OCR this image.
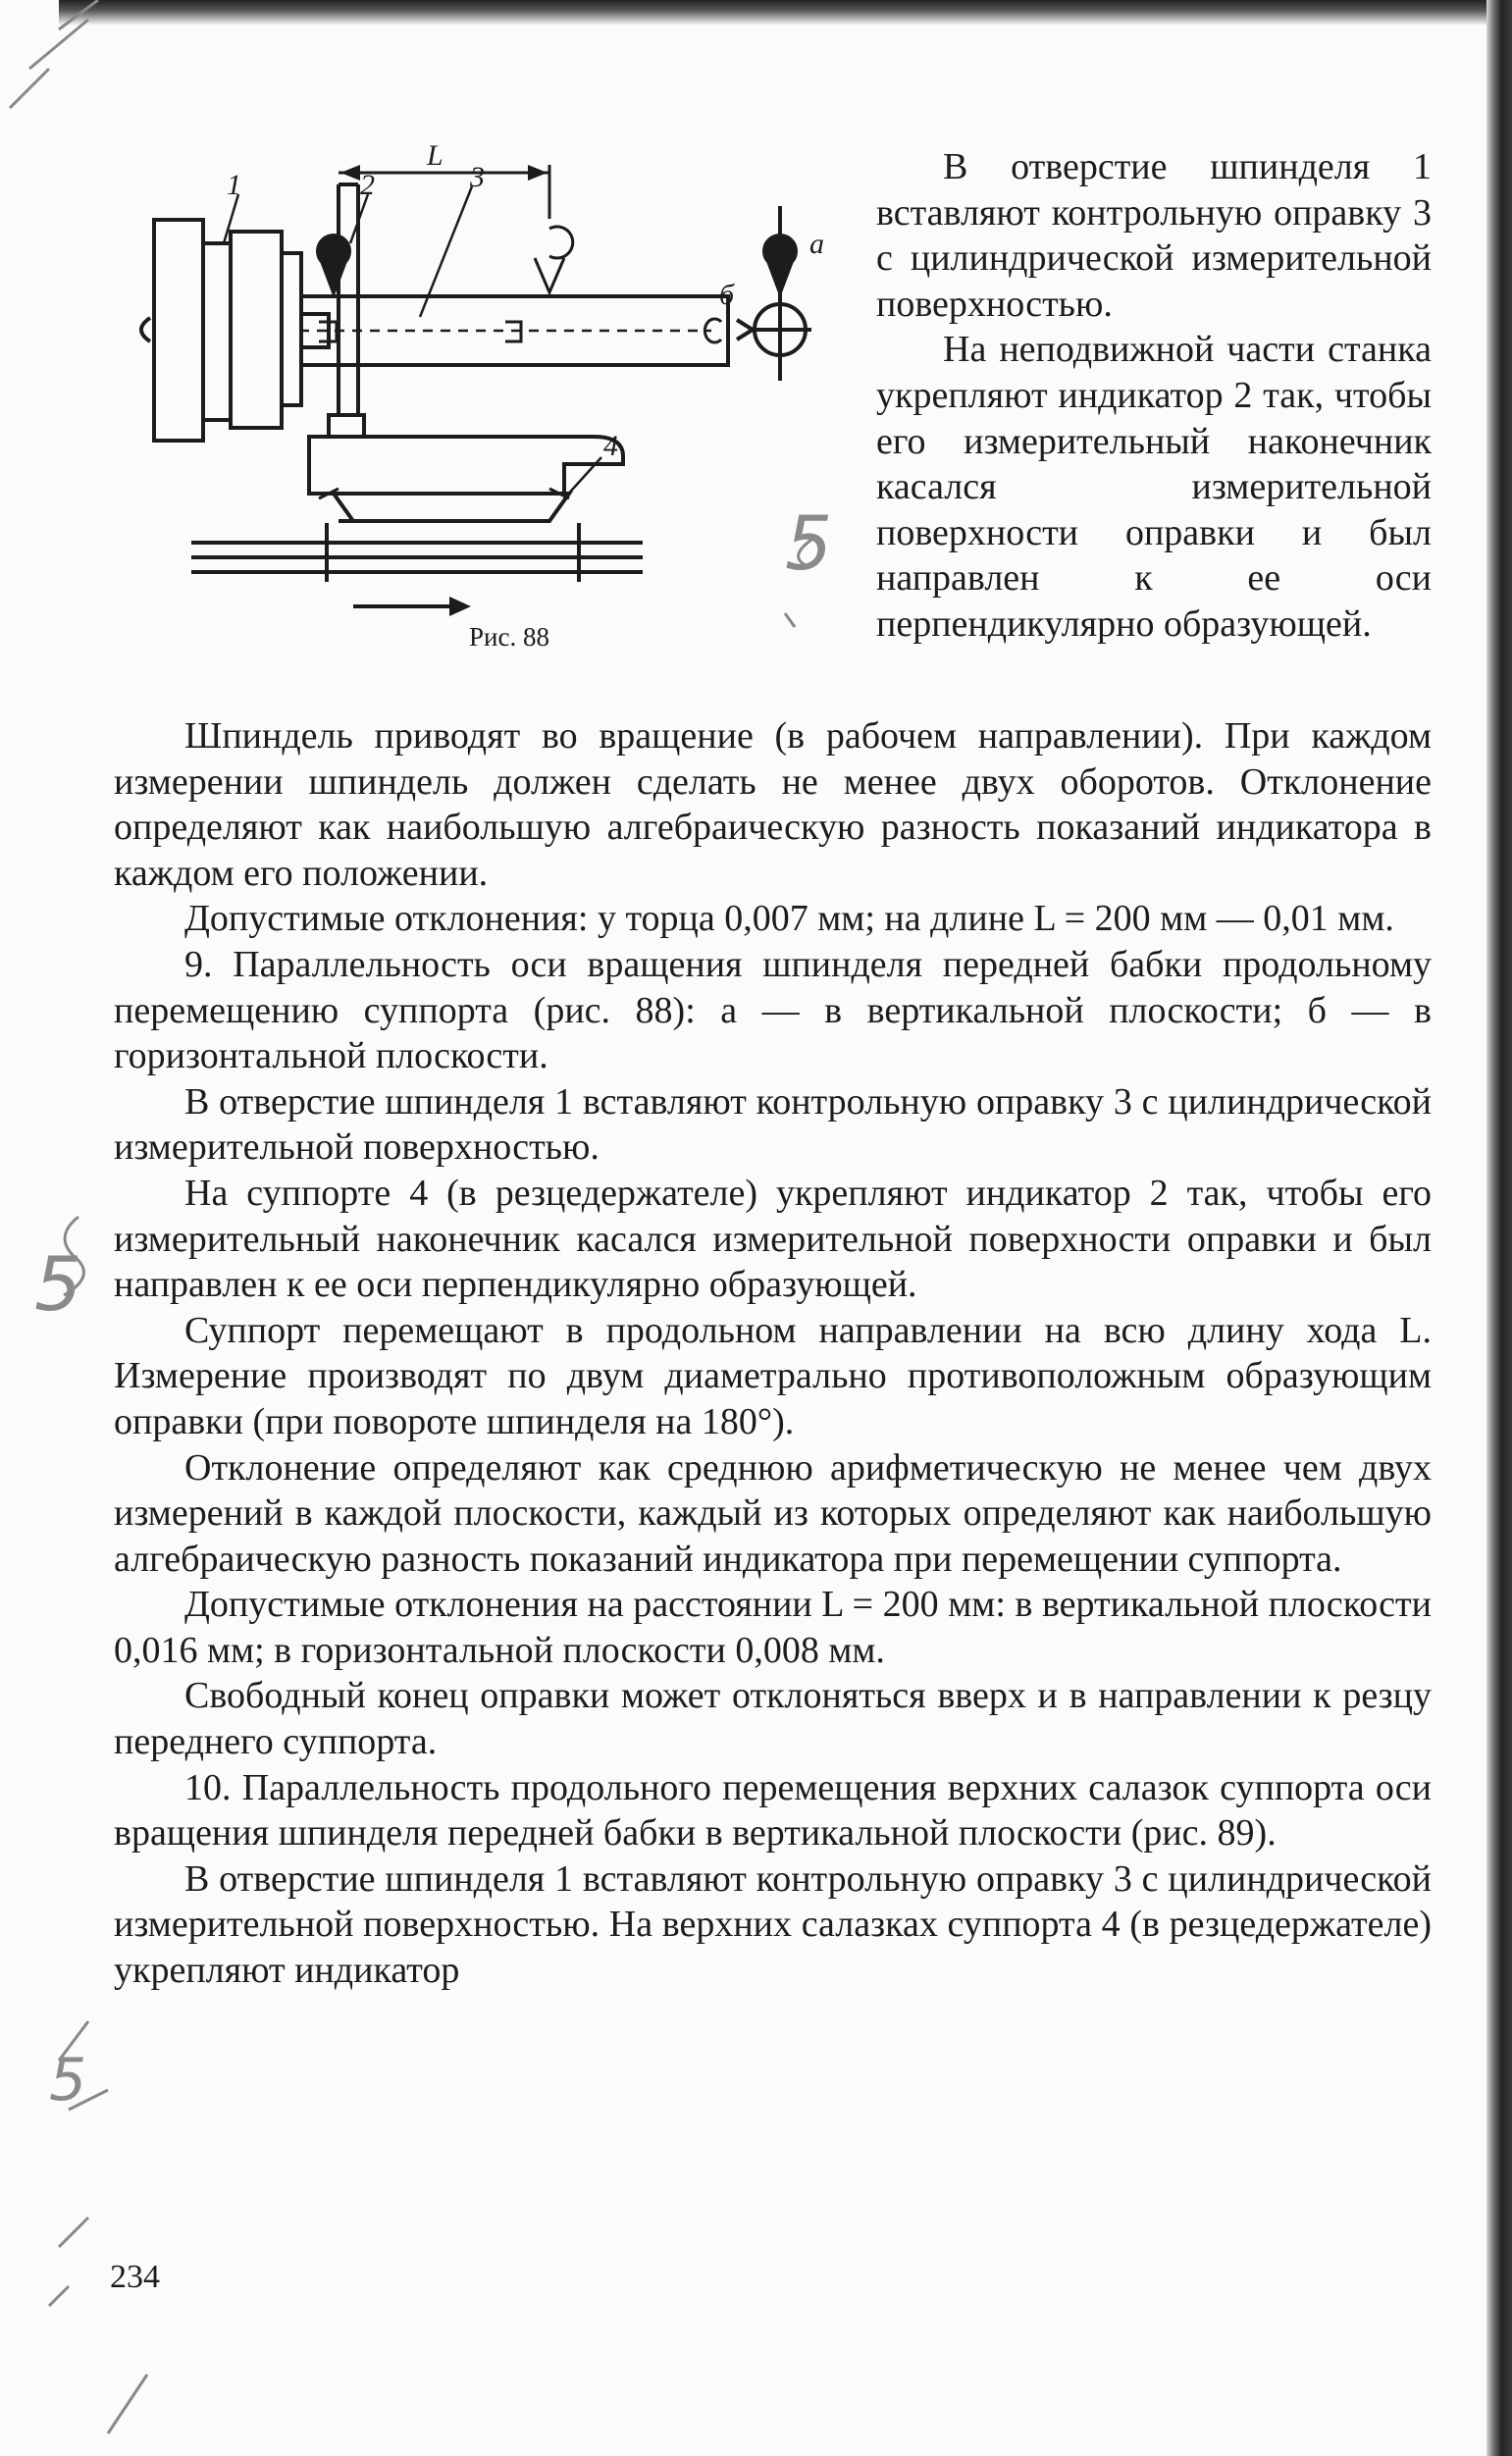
L
1	2	3
4
а
б
Рис. 88

В отверстие шпинделя 1 вставляют контрольную оправку 3 с цилиндрической измерительной поверхностью.

На неподвижной части станка укрепляют индикатор 2 так, чтобы его измерительный наконечник касался измерительной поверхности оправки и был направлен к ее оси перпендикулярно образующей.

Шпиндель приводят во вращение (в рабочем направлении). При каждом измерении шпиндель должен сделать не менее двух оборотов. Отклонение определяют как наибольшую алгебраическую разность показаний индикатора в каждом его положении.

Допустимые отклонения: у торца 0,007 мм; на длине L = 200 мм — 0,01 мм.

9. Параллельность оси вращения шпинделя передней бабки продольному перемещению суппорта (рис. 88): а — в вертикальной плоскости; б — в горизонтальной плоскости.

В отверстие шпинделя 1 вставляют контрольную оправку 3 с цилиндрической измерительной поверхностью.

На суппорте 4 (в резцедержателе) укрепляют индикатор 2 так, чтобы его измерительный наконечник касался измерительной поверхности оправки и был направлен к ее оси перпендикулярно образующей.

Суппорт перемещают в продольном направлении на всю длину хода L. Измерение производят по двум диаметрально противоположным образующим оправки (при повороте шпинделя на 180°).

Отклонение определяют как среднюю арифметическую не менее чем двух измерений в каждой плоскости, каждый из которых определяют как наибольшую алгебраическую разность показаний индикатора при перемещении суппорта.

Допустимые отклонения на расстоянии L = 200 мм: в вертикальной плоскости 0,016 мм; в горизонтальной плоскости 0,008 мм.

Свободный конец оправки может отклоняться вверх и в направлении к резцу переднего суппорта.

10. Параллельность продольного перемещения верхних салазок суппорта оси вращения шпинделя передней бабки в вертикальной плоскости (рис. 89).

В отверстие шпинделя 1 вставляют контрольную оправку 3 с цилиндрической измерительной поверхностью. На верхних салазках суппорта 4 (в резцедержателе) укрепляют индикатор

234
5
5
5
